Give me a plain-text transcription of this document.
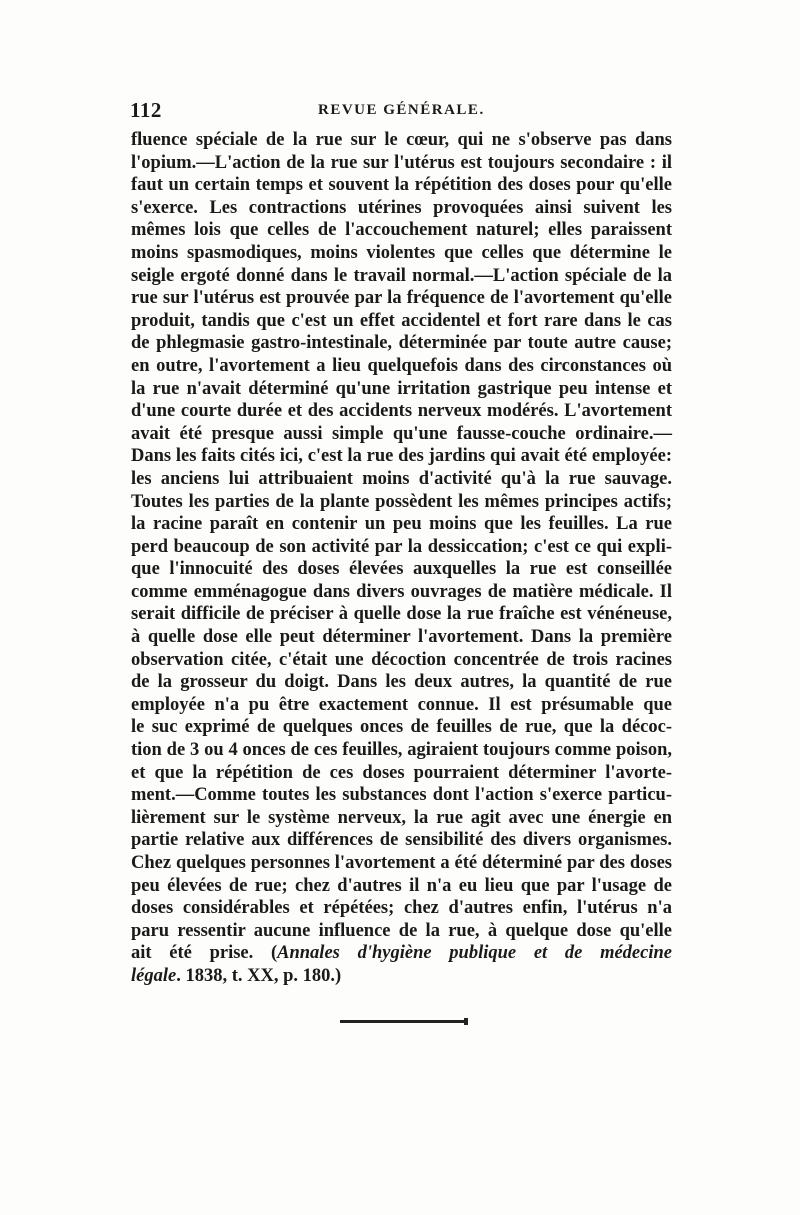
112	REVUE GÉNÉRALE.
fluence spéciale de la rue sur le cœur, qui ne s'observe pas dans
l'opium.—L'action de la rue sur l'utérus est toujours secondaire : il
faut un certain temps et souvent la répétition des doses pour qu'elle
s'exerce. Les contractions utérines provoquées ainsi suivent les
mêmes lois que celles de l'accouchement naturel; elles paraissent
moins spasmodiques, moins violentes que celles que détermine le
seigle ergoté donné dans le travail normal.—L'action spéciale de la
rue sur l'utérus est prouvée par la fréquence de l'avortement qu'elle
produit, tandis que c'est un effet accidentel et fort rare dans le cas
de phlegmasie gastro-intestinale, déterminée par toute autre cause;
en outre, l'avortement a lieu quelquefois dans des circonstances où
la rue n'avait déterminé qu'une irritation gastrique peu intense et
d'une courte durée et des accidents nerveux modérés. L'avortement
avait été presque aussi simple qu'une fausse-couche ordinaire.—
Dans les faits cités ici, c'est la rue des jardins qui avait été employée:
les anciens lui attribuaient moins d'activité qu'à la rue sauvage.
Toutes les parties de la plante possèdent les mêmes principes actifs;
la racine paraît en contenir un peu moins que les feuilles. La rue
perd beaucoup de son activité par la dessiccation; c'est ce qui expli-
que l'innocuité des doses élevées auxquelles la rue est conseillée
comme emménagogue dans divers ouvrages de matière médicale. Il
serait difficile de préciser à quelle dose la rue fraîche est vénéneuse,
à quelle dose elle peut déterminer l'avortement. Dans la première
observation citée, c'était une décoction concentrée de trois racines
de la grosseur du doigt. Dans les deux autres, la quantité de rue
employée n'a pu être exactement connue. Il est présumable que
le suc exprimé de quelques onces de feuilles de rue, que la décoc-
tion de 3 ou 4 onces de ces feuilles, agiraient toujours comme poison,
et que la répétition de ces doses pourraient déterminer l'avorte-
ment.—Comme toutes les substances dont l'action s'exerce particu-
lièrement sur le système nerveux, la rue agit avec une énergie en
partie relative aux différences de sensibilité des divers organismes.
Chez quelques personnes l'avortement a été déterminé par des doses
peu élevées de rue; chez d'autres il n'a eu lieu que par l'usage de
doses considérables et répétées; chez d'autres enfin, l'utérus n'a
paru ressentir aucune influence de la rue, à quelque dose qu'elle
ait été prise. (Annales d'hygiène publique et de médecine
légale. 1838, t. XX, p. 180.)
